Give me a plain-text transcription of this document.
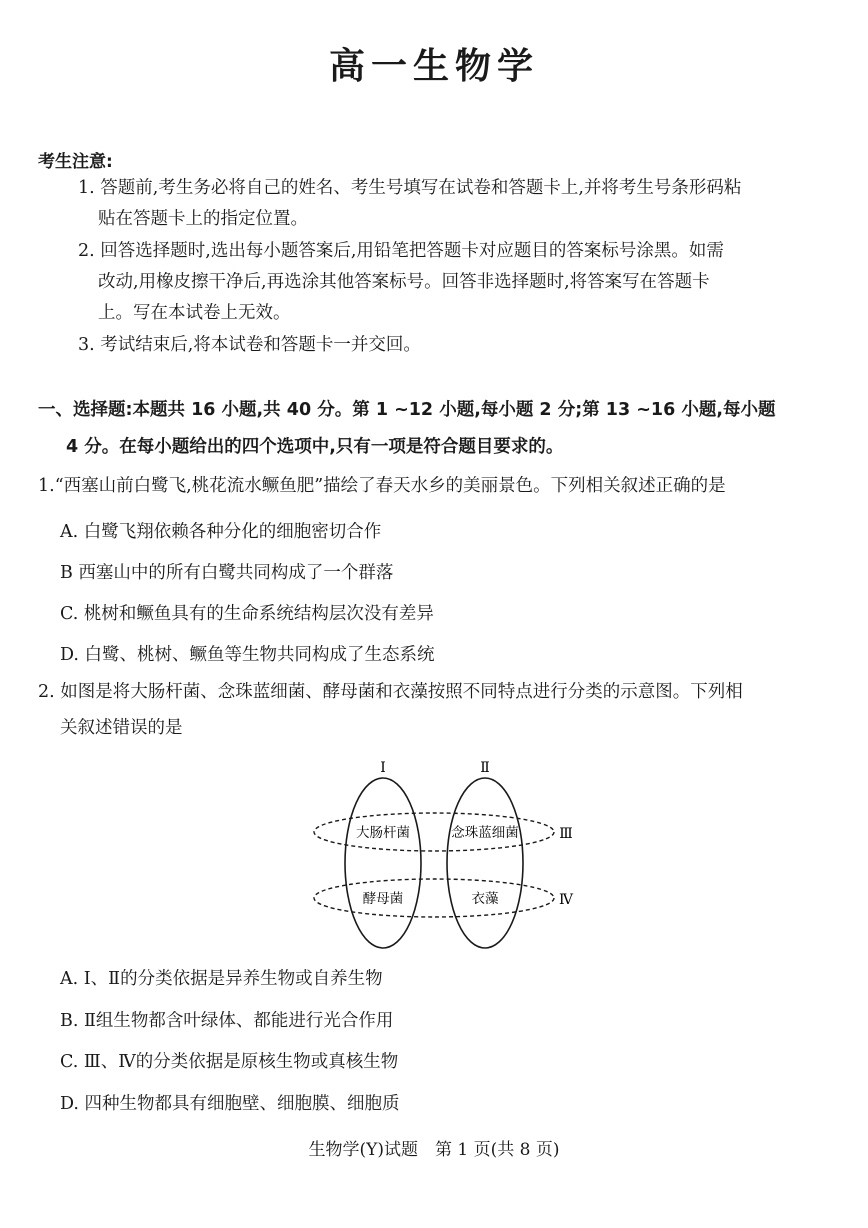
高一生物学
考生注意:
1. 答题前,考生务必将自己的姓名、考生号填写在试卷和答题卡上,并将考生号条形码粘
贴在答题卡上的指定位置。
2. 回答选择题时,选出每小题答案后,用铅笔把答题卡对应题目的答案标号涂黑。如需
改动,用橡皮擦干净后,再选涂其他答案标号。回答非选择题时,将答案写在答题卡
上。写在本试卷上无效。
3. 考试结束后,将本试卷和答题卡一并交回。
一、选择题:本题共 16 小题,共 40 分。第 1 ~12 小题,每小题 2 分;第 13 ~16 小题,每小题
4 分。在每小题给出的四个选项中,只有一项是符合题目要求的。
1.“西塞山前白鹭飞,桃花流水鳜鱼肥”描绘了春天水乡的美丽景色。下列相关叙述正确的是
A. 白鹭飞翔依赖各种分化的细胞密切合作
B 西塞山中的所有白鹭共同构成了一个群落
C. 桃树和鳜鱼具有的生命系统结构层次没有差异
D. 白鹭、桃树、鳜鱼等生物共同构成了生态系统
2. 如图是将大肠杆菌、念珠蓝细菌、酵母菌和衣藻按照不同特点进行分类的示意图。下列相
关叙述错误的是
Ⅰ	Ⅱ
Ⅲ
Ⅳ
大肠杆菌	念珠蓝细菌
酵母菌	衣藻
A. Ⅰ、Ⅱ的分类依据是异养生物或自养生物
B. Ⅱ组生物都含叶绿体、都能进行光合作用
C. Ⅲ、Ⅳ的分类依据是原核生物或真核生物
D. 四种生物都具有细胞壁、细胞膜、细胞质
生物学(Y)试题　第 1 页(共 8 页)
